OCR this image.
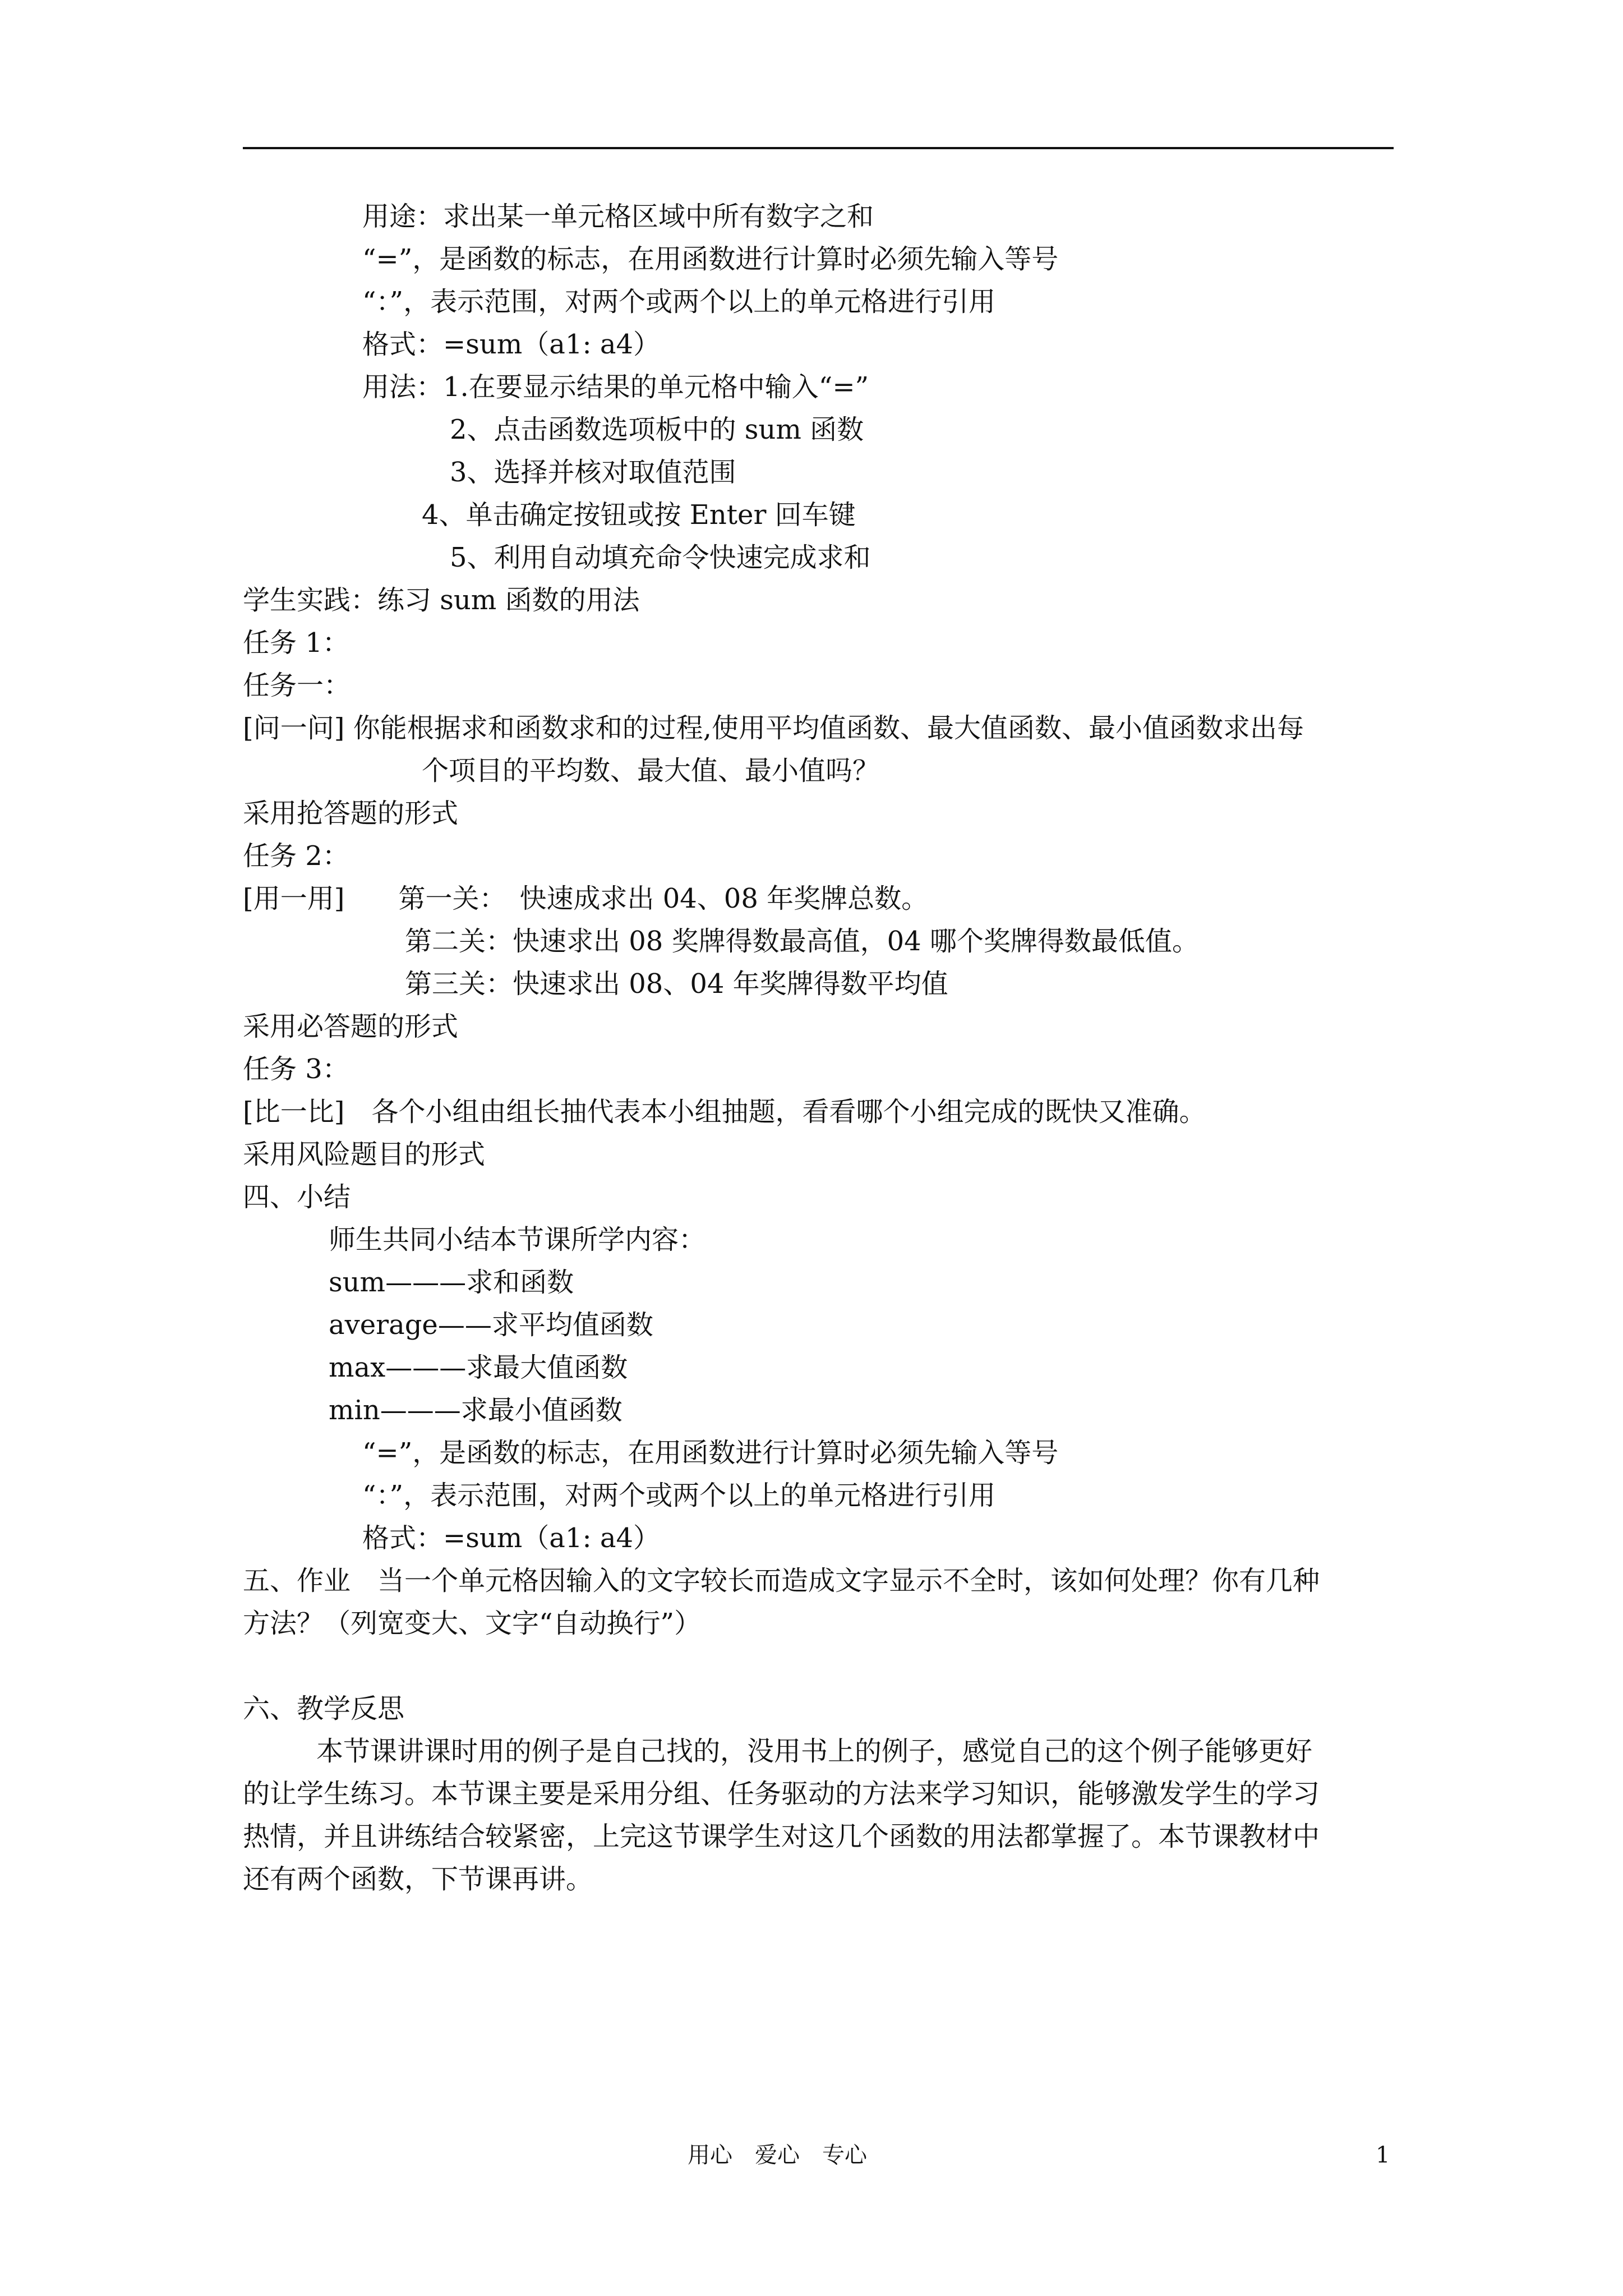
用途：求出某一单元格区域中所有数字之和
“=”，是函数的标志，在用函数进行计算时必须先输入等号
“：”，表示范围，对两个或两个以上的单元格进行引用
格式：=sum（a1: a4）
用法：1.在要显示结果的单元格中输入“=”
2、点击函数选项板中的 sum 函数
3、选择并核对取值范围
4、单击确定按钮或按 Enter 回车键
5、利用自动填充命令快速完成求和
学生实践：练习 sum 函数的用法
任务 1：
任务一：
[问一问] 你能根据求和函数求和的过程,使用平均值函数、最大值函数、最小值函数求出每
个项目的平均数、最大值、最小值吗？
采用抢答题的形式
任务 2：
[用一用]　　第一关：　快速成求出 04、08 年奖牌总数。
第二关：快速求出 08 奖牌得数最高值，04 哪个奖牌得数最低值。
第三关：快速求出 08、04 年奖牌得数平均值
采用必答题的形式
任务 3：
[比一比]　各个小组由组长抽代表本小组抽题，看看哪个小组完成的既快又准确。
采用风险题目的形式
四、小结
师生共同小结本节课所学内容：
sum———求和函数
average——求平均值函数
max———求最大值函数
min———求最小值函数
“=”，是函数的标志，在用函数进行计算时必须先输入等号
“：”，表示范围，对两个或两个以上的单元格进行引用
格式：=sum（a1: a4）
五、作业　当一个单元格因输入的文字较长而造成文字显示不全时，该如何处理？你有几种
方法？（列宽变大、文字“自动换行”）
六、教学反思
本节课讲课时用的例子是自己找的，没用书上的例子，感觉自己的这个例子能够更好
的让学生练习。本节课主要是采用分组、任务驱动的方法来学习知识，能够激发学生的学习
热情，并且讲练结合较紧密，上完这节课学生对这几个函数的用法都掌握了。本节课教材中
还有两个函数，下节课再讲。
用心　爱心　专心	1
